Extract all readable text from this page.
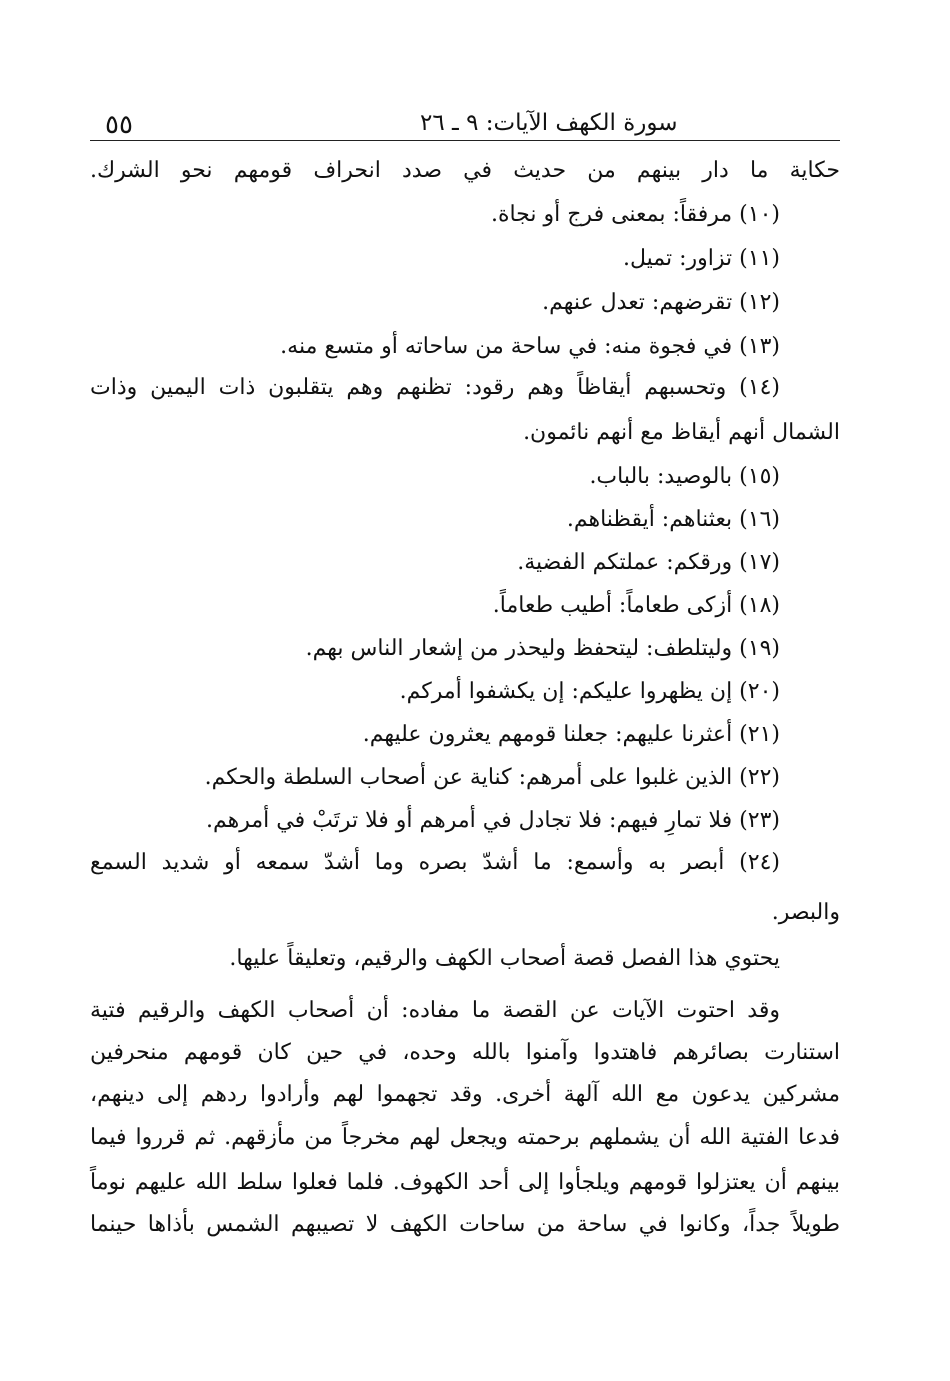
٥٥	سورة الكهف الآيات: ٩ ـ ٢٦
حكاية ما دار بينهم من حديث في صدد انحراف قومهم نحو الشرك.
(١٠) مرفقاً: بمعنى فرج أو نجاة.
(١١) تزاور: تميل.
(١٢) تقرضهم: تعدل عنهم.
(١٣) في فجوة منه: في ساحة من ساحاته أو متسع منه.
(١٤) وتحسبهم أيقاظاً وهم رقود: تظنهم وهم يتقلبون ذات اليمين وذات
الشمال أنهم أيقاظ مع أنهم نائمون.
(١٥) بالوصيد: بالباب.
(١٦) بعثناهم: أيقظناهم.
(١٧) ورقكم: عملتكم الفضية.
(١٨) أزكى طعاماً: أطيب طعاماً.
(١٩) وليتلطف: ليتحفظ وليحذر من إشعار الناس بهم.
(٢٠) إن يظهروا عليكم: إن يكشفوا أمركم.
(٢١) أعثرنا عليهم: جعلنا قومهم يعثرون عليهم.
(٢٢) الذين غلبوا على أمرهم: كناية عن أصحاب السلطة والحكم.
(٢٣) فلا تمارِ فيهم: فلا تجادل في أمرهم أو فلا ترتَبْ في أمرهم.
(٢٤) أبصر به وأسمع: ما أشدّ بصره وما أشدّ سمعه أو شديد السمع
والبصر.
يحتوي هذا الفصل قصة أصحاب الكهف والرقيم، وتعليقاً عليها.
وقد احتوت الآيات عن القصة ما مفاده: أن أصحاب الكهف والرقيم فتية
استنارت بصائرهم فاهتدوا وآمنوا بالله وحده، في حين كان قومهم منحرفين
مشركين يدعون مع الله آلهة أخرى. وقد تجهموا لهم وأرادوا ردهم إلى دينهم،
فدعا الفتية الله أن يشملهم برحمته ويجعل لهم مخرجاً من مأزقهم. ثم قرروا فيما
بينهم أن يعتزلوا قومهم ويلجأوا إلى أحد الكهوف. فلما فعلوا سلط الله عليهم نوماً
طويلاً جداً، وكانوا في ساحة من ساحات الكهف لا تصيبهم الشمس بأذاها حينما
